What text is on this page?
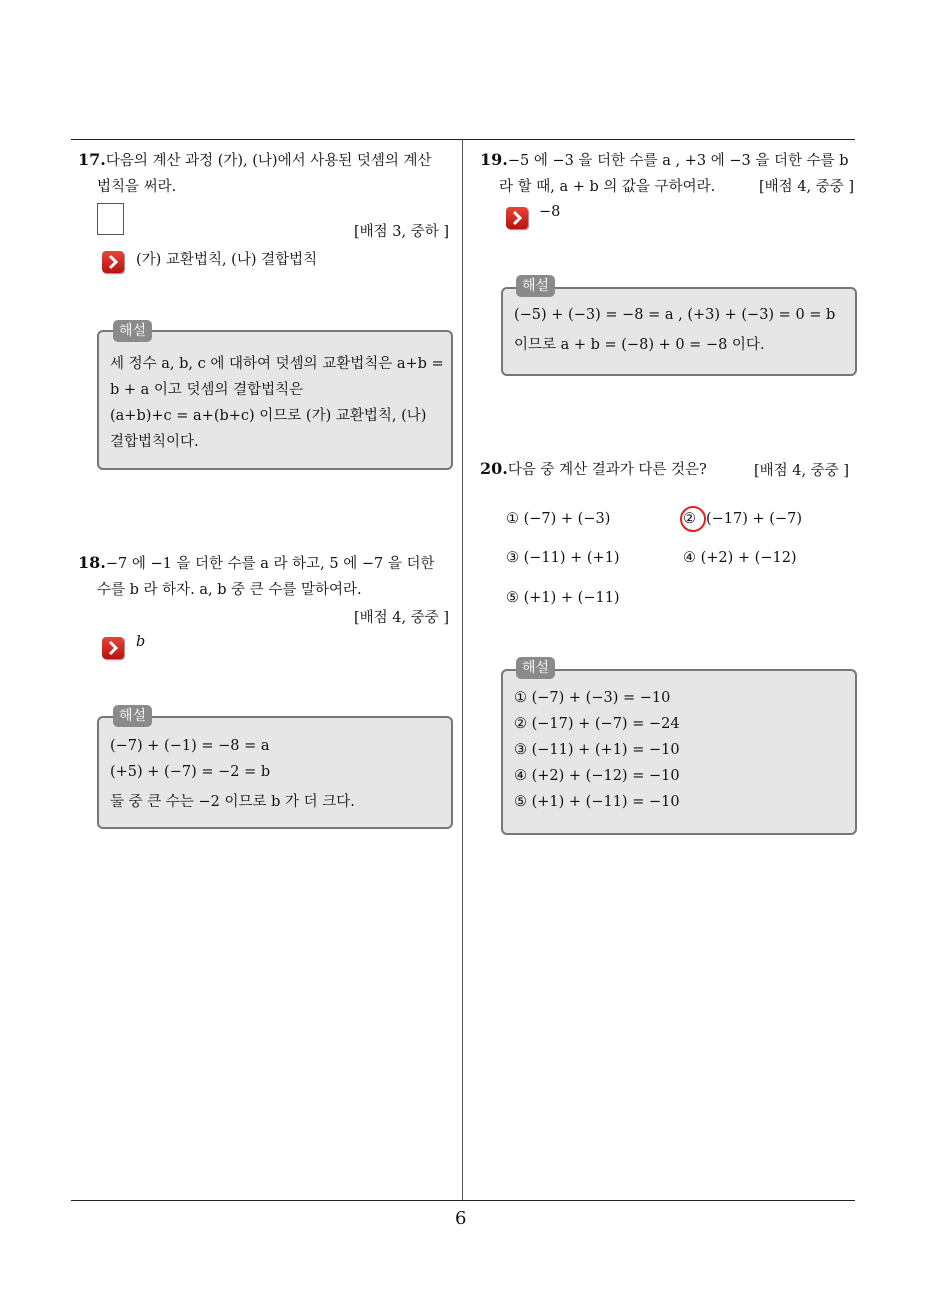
6
17.다음의 계산 과정 (가), (나)에서 사용된 덧셈의 계산
법칙을 써라.
[배점 3, 중하 ]
(가) 교환법칙, (나) 결합법칙
해설
세 정수 a, b, c 에 대하여 덧셈의 교환법칙은 a+b =
b + a 이고 덧셈의 결합법칙은
(a+b)+c = a+(b+c) 이므로 (가) 교환법칙, (나)
결합법칙이다.
18.−7 에 −1 을 더한 수를 a 라 하고, 5 에 −7 을 더한
수를 b 라 하자. a, b 중 큰 수를 말하여라.
[배점 4, 중중 ]
b
해설
(−7) + (−1) = −8 = a
(+5) + (−7) = −2 = b
둘 중 큰 수는 −2 이므로 b 가 더 크다.
19.−5 에 −3 을 더한 수를 a , +3 에 −3 을 더한 수를 b
라 할 때, a + b 의 값을 구하여라.	[배점 4, 중중 ]
−8
해설
(−5) + (−3) = −8 = a , (+3) + (−3) = 0 = b
이므로 a + b = (−8) + 0 = −8 이다.
20.다음 중 계산 결과가 다른 것은?	[배점 4, 중중 ]
① (−7) + (−3)	② (−17) + (−7)
③ (−11) + (+1)	④ (+2) + (−12)
⑤ (+1) + (−11)
해설
① (−7) + (−3) = −10
② (−17) + (−7) = −24
③ (−11) + (+1) = −10
④ (+2) + (−12) = −10
⑤ (+1) + (−11) = −10
